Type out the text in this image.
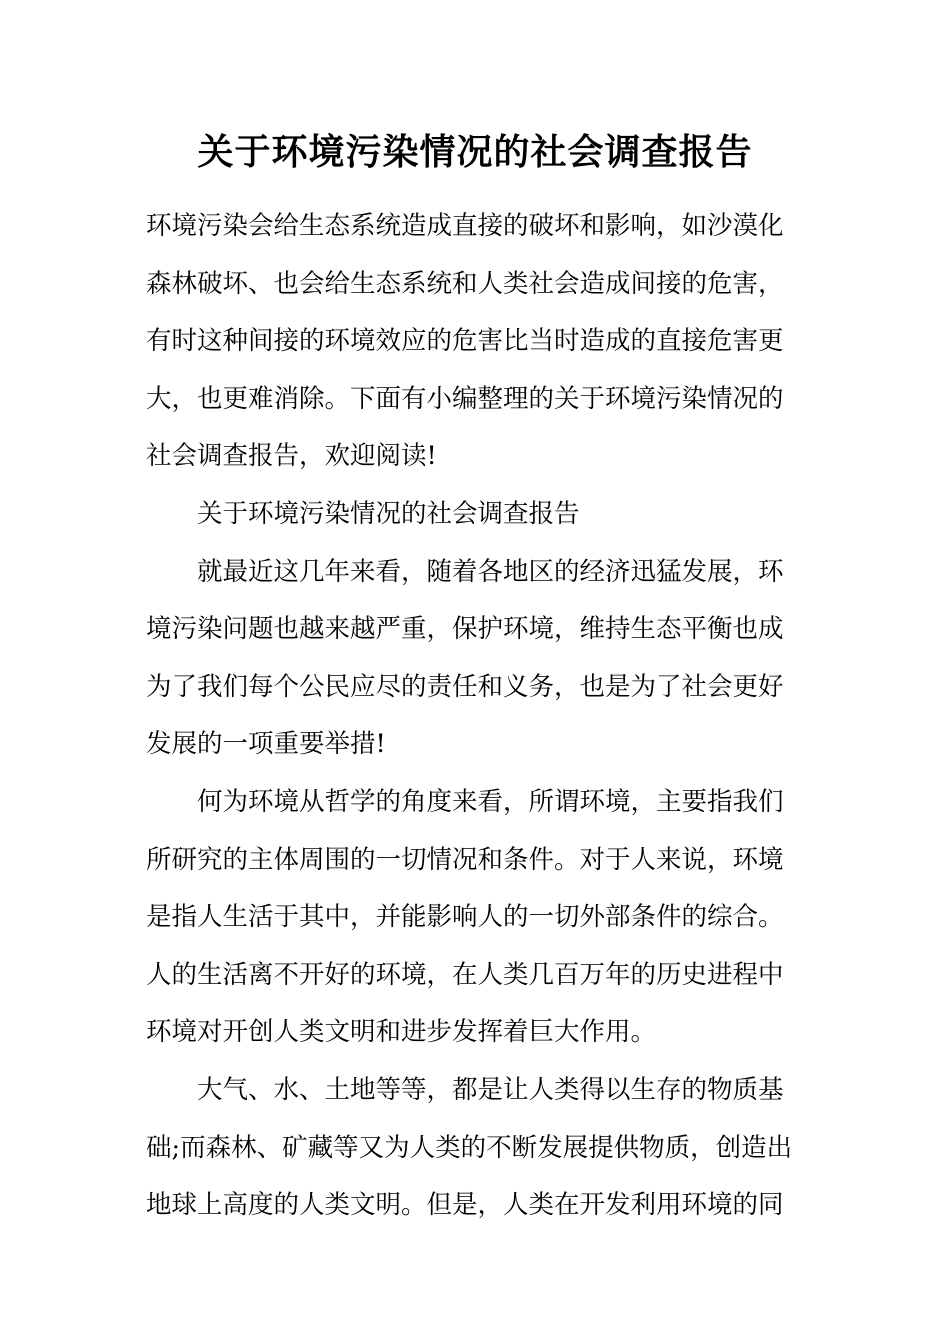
关于环境污染情况的社会调查报告
环境污染会给生态系统造成直接的破坏和影响，如沙漠化
森林破坏、也会给生态系统和人类社会造成间接的危害，
有时这种间接的环境效应的危害比当时造成的直接危害更
大，也更难消除。下面有小编整理的关于环境污染情况的
社会调查报告，欢迎阅读!
关于环境污染情况的社会调查报告
就最近这几年来看，随着各地区的经济迅猛发展，环
境污染问题也越来越严重，保护环境，维持生态平衡也成
为了我们每个公民应尽的责任和义务，也是为了社会更好
发展的一项重要举措!
何为环境从哲学的角度来看，所谓环境，主要指我们
所研究的主体周围的一切情况和条件。对于人来说，环境
是指人生活于其中，并能影响人的一切外部条件的综合。
人的生活离不开好的环境，在人类几百万年的历史进程中
环境对开创人类文明和进步发挥着巨大作用。
大气、水、土地等等，都是让人类得以生存的物质基
础;而森林、矿藏等又为人类的不断发展提供物质，创造出
地球上高度的人类文明。但是，人类在开发利用环境的同
